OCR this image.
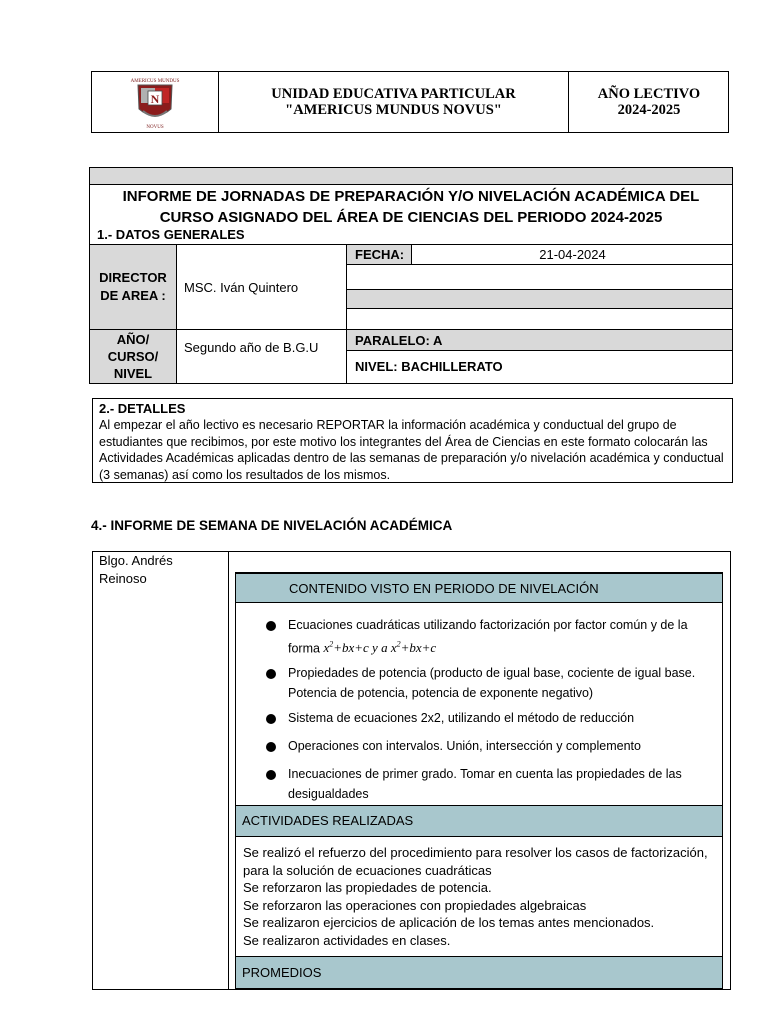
AMERICUS MUNDUS
N
NOVUS
UNIDAD EDUCATIVA PARTICULAR
"AMERICUS MUNDUS NOVUS"
AÑO LECTIVO
2024-2025
INFORME DE JORNADAS DE PREPARACIÓN Y/O NIVELACIÓN ACADÉMICA DEL
CURSO ASIGNADO DEL ÁREA DE CIENCIAS DEL PERIODO 2024-2025
1.- DATOS GENERALES
DIRECTOR DE AREA :
MSC. Iván Quintero
FECHA:	21-04-2024
AÑO/ CURSO/ NIVEL
Segundo año de B.G.U	PARALELO: A
NIVEL: BACHILLERATO
2.- DETALLES
Al empezar el año lectivo es necesario REPORTAR la información académica y conductual del grupo de estudiantes que recibimos, por este motivo los integrantes del Área de Ciencias en este formato colocarán las Actividades Académicas aplicadas dentro de las semanas de preparación y/o nivelación académica y conductual (3 semanas) así como los resultados de los mismos.
4.- INFORME DE SEMANA DE NIVELACIÓN ACADÉMICA
Blgo. Andrés
Reinoso
CONTENIDO VISTO EN PERIODO DE NIVELACIÓN
Ecuaciones cuadráticas utilizando factorización por factor común y de la forma $x^2+bx+c$ y a $x^2+bx+c$
Propiedades de potencia (producto de igual base, cociente de igual base. Potencia de potencia, potencia de exponente negativo)
Sistema de ecuaciones 2x2, utilizando el método de reducción
Operaciones con intervalos. Unión, intersección y complemento
Inecuaciones de primer grado. Tomar en cuenta las propiedades de las desigualdades
ACTIVIDADES REALIZADAS
Se realizó el refuerzo del procedimiento para resolver los casos de factorización, para la solución de ecuaciones cuadráticas
Se reforzaron las propiedades de potencia.
Se reforzaron las operaciones con propiedades algebraicas
Se realizaron ejercicios de aplicación de los temas antes mencionados.
Se realizaron actividades en clases.
PROMEDIOS
